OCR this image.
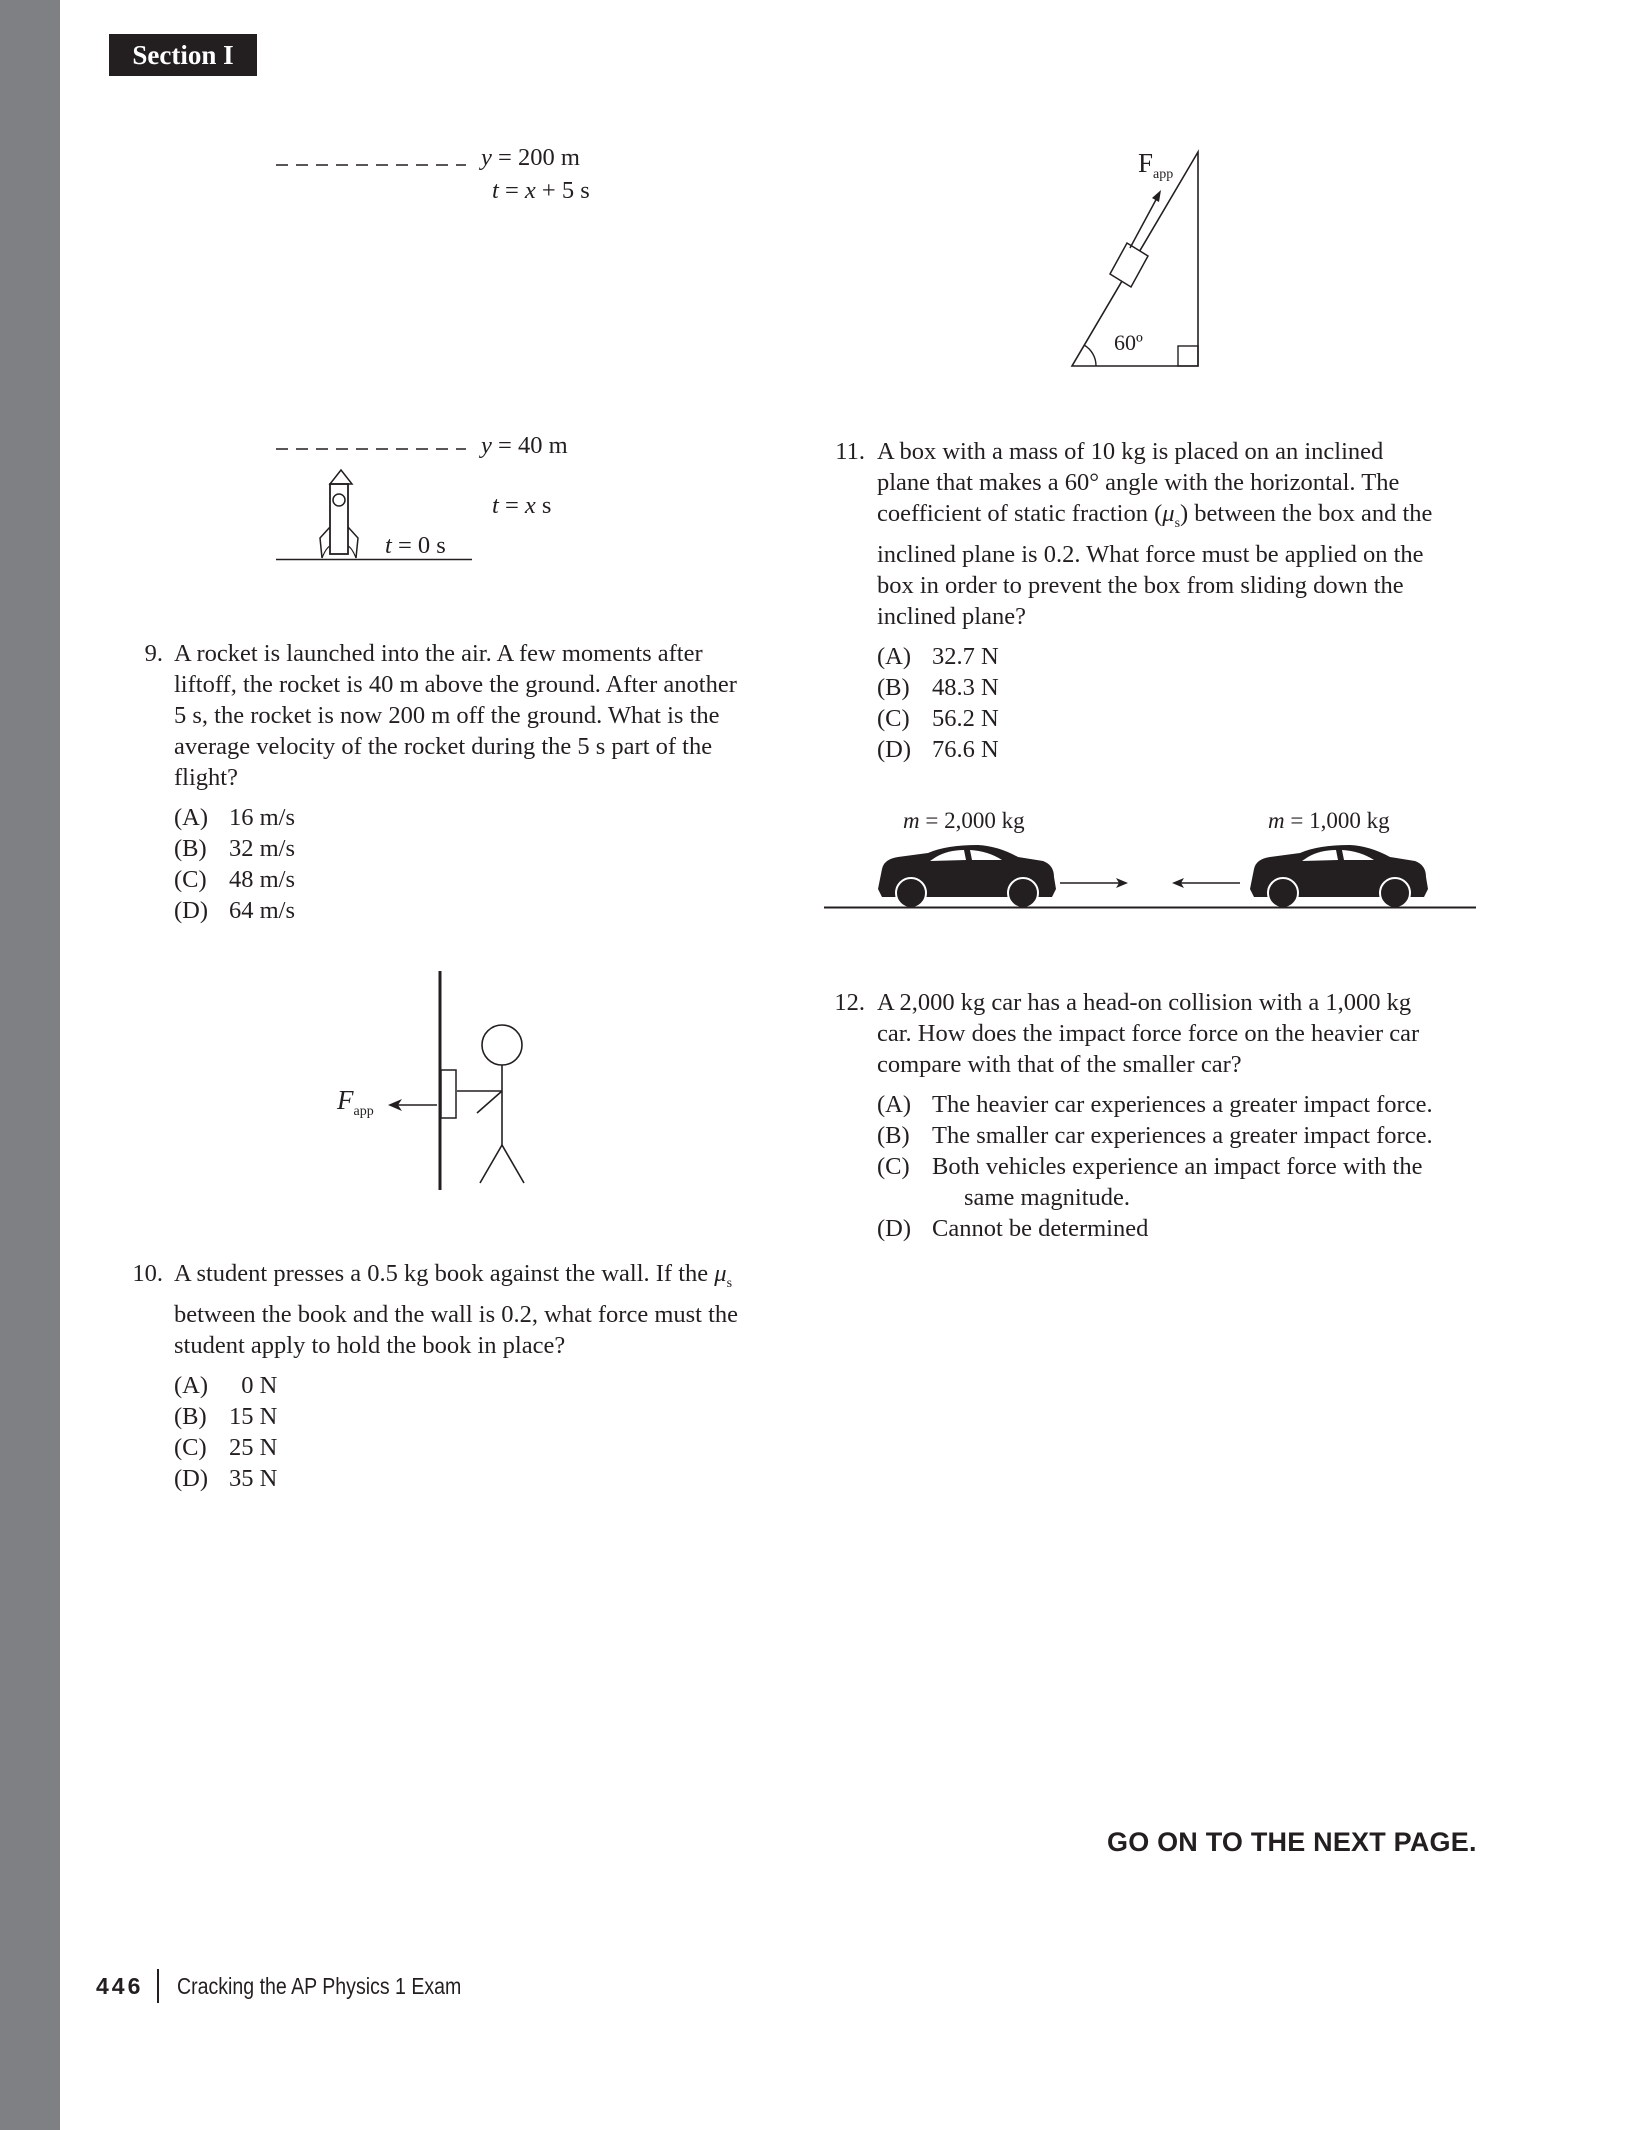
Section I
y = 200 m
t = x + 5 s
y = 40 m
t = x s
t = 0 s
$F_{app}$
60º
$F_{app}$
9. A rocket is launched into the air. A few moments after
liftoff, the rocket is 40 m above the ground. After another
5 s, the rocket is now 200 m off the ground. What is the
average velocity of the rocket during the 5 s part of the
flight?
(A) 16 m/s
(B) 32 m/s
(C) 48 m/s
(D) 64 m/s
10. A student presses a 0.5 kg book against the wall. If the $\mu_s$
between the book and the wall is 0.2, what force must the
student apply to hold the book in place?
(A) 0 N
(B) 15 N
(C) 25 N
(D) 35 N
11. A box with a mass of 10 kg is placed on an inclined
plane that makes a 60° angle with the horizontal. The
coefficient of static fraction $(\mu_s)$ between the box and the
inclined plane is 0.2. What force must be applied on the
box in order to prevent the box from sliding down the
inclined plane?
(A) 32.7 N
(B) 48.3 N
(C) 56.2 N
(D) 76.6 N
m = 2,000 kg	m = 1,000 kg
12. A 2,000 kg car has a head-on collision with a 1,000 kg
car. How does the impact force force on the heavier car
compare with that of the smaller car?
(A) The heavier car experiences a greater impact force.
(B) The smaller car experiences a greater impact force.
(C) Both vehicles experience an impact force with the
same magnitude.
(D) Cannot be determined
GO ON TO THE NEXT PAGE.
446 Cracking the AP Physics 1 Exam
